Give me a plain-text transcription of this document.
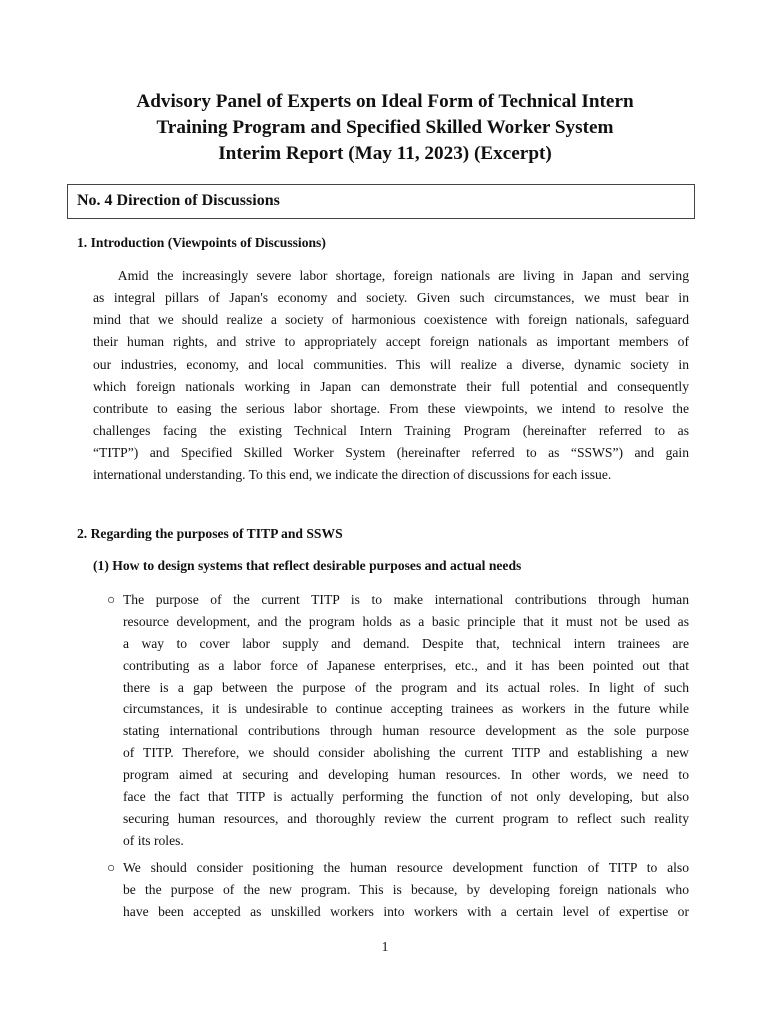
Advisory Panel of Experts on Ideal Form of Technical Intern
Training Program and Specified Skilled Worker System
Interim Report (May 11, 2023) (Excerpt)
No. 4 Direction of Discussions
1. Introduction (Viewpoints of Discussions)
Amid the increasingly severe labor shortage, foreign nationals are living in Japan and serving
as integral pillars of Japan's economy and society. Given such circumstances, we must bear in
mind that we should realize a society of harmonious coexistence with foreign nationals, safeguard
their human rights, and strive to appropriately accept foreign nationals as important members of
our industries, economy, and local communities. This will realize a diverse, dynamic society in
which foreign nationals working in Japan can demonstrate their full potential and consequently
contribute to easing the serious labor shortage. From these viewpoints, we intend to resolve the
challenges facing the existing Technical Intern Training Program (hereinafter referred to as
“TITP”) and Specified Skilled Worker System (hereinafter referred to as “SSWS”) and gain
international understanding. To this end, we indicate the direction of discussions for each issue.
2. Regarding the purposes of TITP and SSWS
(1) How to design systems that reflect desirable purposes and actual needs
○ The purpose of the current TITP is to make international contributions through human
resource development, and the program holds as a basic principle that it must not be used as
a way to cover labor supply and demand. Despite that, technical intern trainees are
contributing as a labor force of Japanese enterprises, etc., and it has been pointed out that
there is a gap between the purpose of the program and its actual roles. In light of such
circumstances, it is undesirable to continue accepting trainees as workers in the future while
stating international contributions through human resource development as the sole purpose
of TITP. Therefore, we should consider abolishing the current TITP and establishing a new
program aimed at securing and developing human resources. In other words, we need to
face the fact that TITP is actually performing the function of not only developing, but also
securing human resources, and thoroughly review the current program to reflect such reality
of its roles.
○ We should consider positioning the human resource development function of TITP to also
be the purpose of the new program. This is because, by developing foreign nationals who
have been accepted as unskilled workers into workers with a certain level of expertise or
1
